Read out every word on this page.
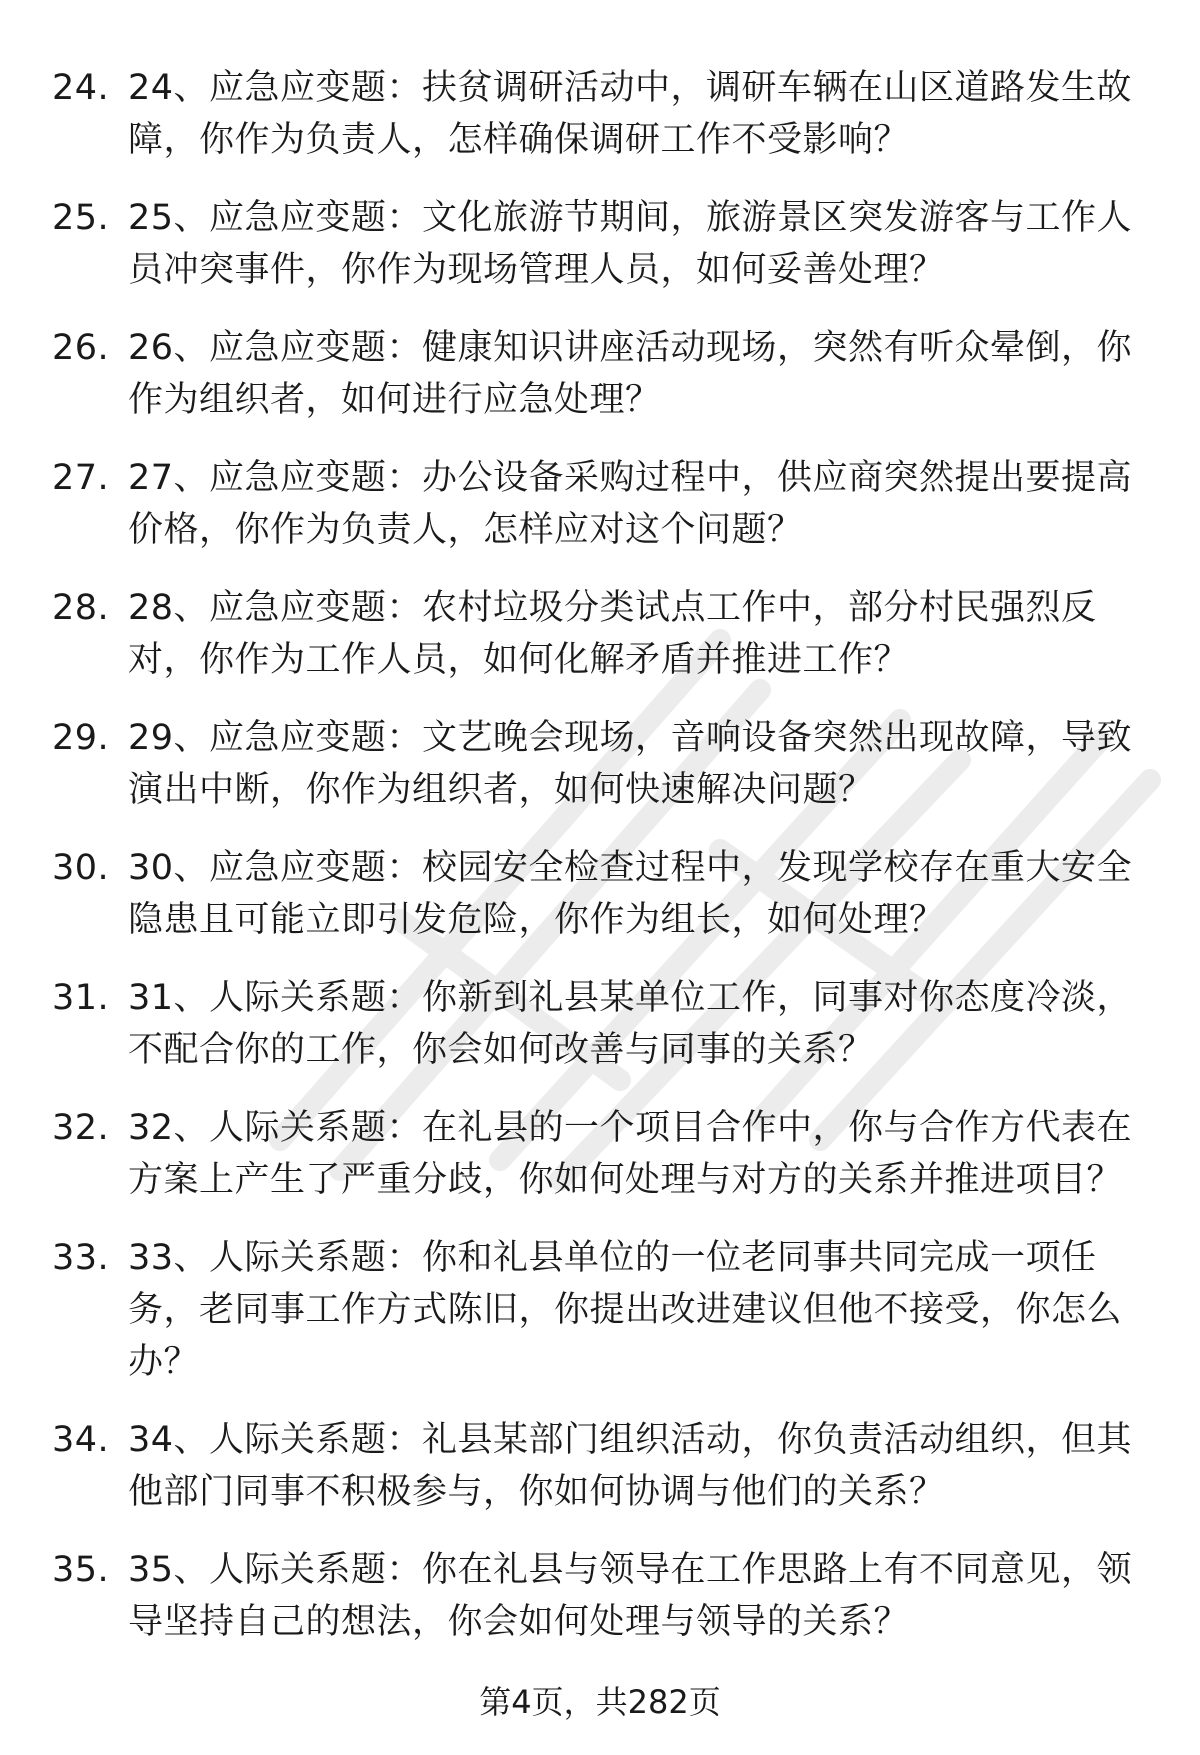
24. 24、应急应变题：扶贫调研活动中，调研车辆在山区道路发生故障，你作为负责人，怎样确保调研工作不受影响？
25. 25、应急应变题：文化旅游节期间，旅游景区突发游客与工作人员冲突事件，你作为现场管理人员，如何妥善处理？
26. 26、应急应变题：健康知识讲座活动现场，突然有听众晕倒，你作为组织者，如何进行应急处理？
27. 27、应急应变题：办公设备采购过程中，供应商突然提出要提高价格，你作为负责人，怎样应对这个问题？
28. 28、应急应变题：农村垃圾分类试点工作中，部分村民强烈反对，你作为工作人员，如何化解矛盾并推进工作？
29. 29、应急应变题：文艺晚会现场，音响设备突然出现故障，导致演出中断，你作为组织者，如何快速解决问题？
30. 30、应急应变题：校园安全检查过程中，发现学校存在重大安全隐患且可能立即引发危险，你作为组长，如何处理？
31. 31、人际关系题：你新到礼县某单位工作，同事对你态度冷淡，不配合你的工作，你会如何改善与同事的关系？
32. 32、人际关系题：在礼县的一个项目合作中，你与合作方代表在方案上产生了严重分歧，你如何处理与对方的关系并推进项目？
33. 33、人际关系题：你和礼县单位的一位老同事共同完成一项任务，老同事工作方式陈旧，你提出改进建议但他不接受，你怎么办？
34. 34、人际关系题：礼县某部门组织活动，你负责活动组织，但其他部门同事不积极参与，你如何协调与他们的关系？
35. 35、人际关系题：你在礼县与领导在工作思路上有不同意见，领导坚持自己的想法，你会如何处理与领导的关系？
第4页，共282页
